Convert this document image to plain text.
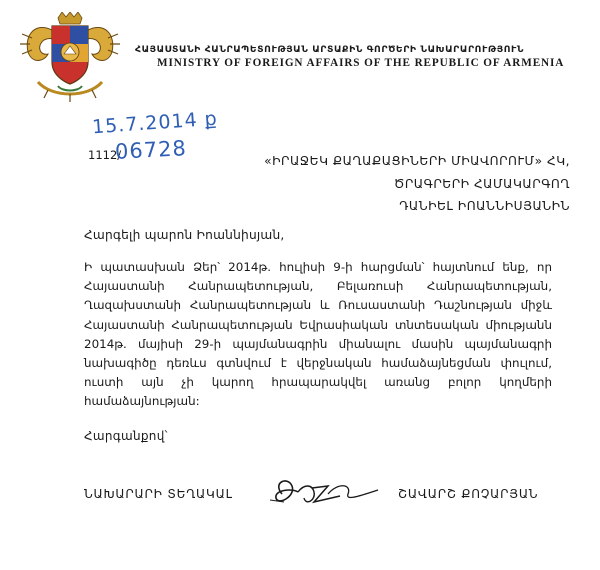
ՀԱՅԱՍՏԱՆԻ ՀԱՆՐԱՊԵՏՈՒԹՅԱՆ ԱՐՏԱՔԻՆ ԳՈՐԾԵՐԻ ՆԱԽԱՐԱՐՈՒԹՅՈՒՆ
MINISTRY OF FOREIGN AFFAIRS OF THE REPUBLIC OF ARMENIA
15.7.2014 ք
1112/
06728	«ԻՐԱՋԵԿ ՔԱՂԱՔԱՑԻՆԵՐԻ ՄԻԱՎՈՐՈՒՄ» ՀԿ,
ԾՐԱԳՐԵՐԻ ՀԱՄԱԿԱՐԳՈՂ
ԴԱՆԻԵԼ ԻՈԱՆՆԻՍՅԱՆԻՆ
Հարգելի պարոն Իոաննիսյան,
Ի պատասխան Ձեր՝ 2014թ. հուլիսի 9-ի հարցման՝ հայտնում ենք, որ Հայաստանի Հանրապետության, Բելառուսի Հանրապետության, Ղազախստանի Հանրապետության և Ռուսաստանի Դաշնության միջև Հայաստանի Հանրապետության Եվրասիական տնտեսական միությանն 2014թ. մայիսի 29-ի պայմանագրին միանալու մասին պայմանագրի նախագիծը դեռևս գտնվում է վերջնական համաձայնեցման փուլում, ուստի այն չի կարող հրապարակվել առանց բոլոր կողմերի համաձայնության:
Հարգանքով՝
ՆԱԽԱՐԱՐԻ ՏԵՂԱԿԱԼ	ՇԱՎԱՐՇ ՔՈՉԱՐՅԱՆ
